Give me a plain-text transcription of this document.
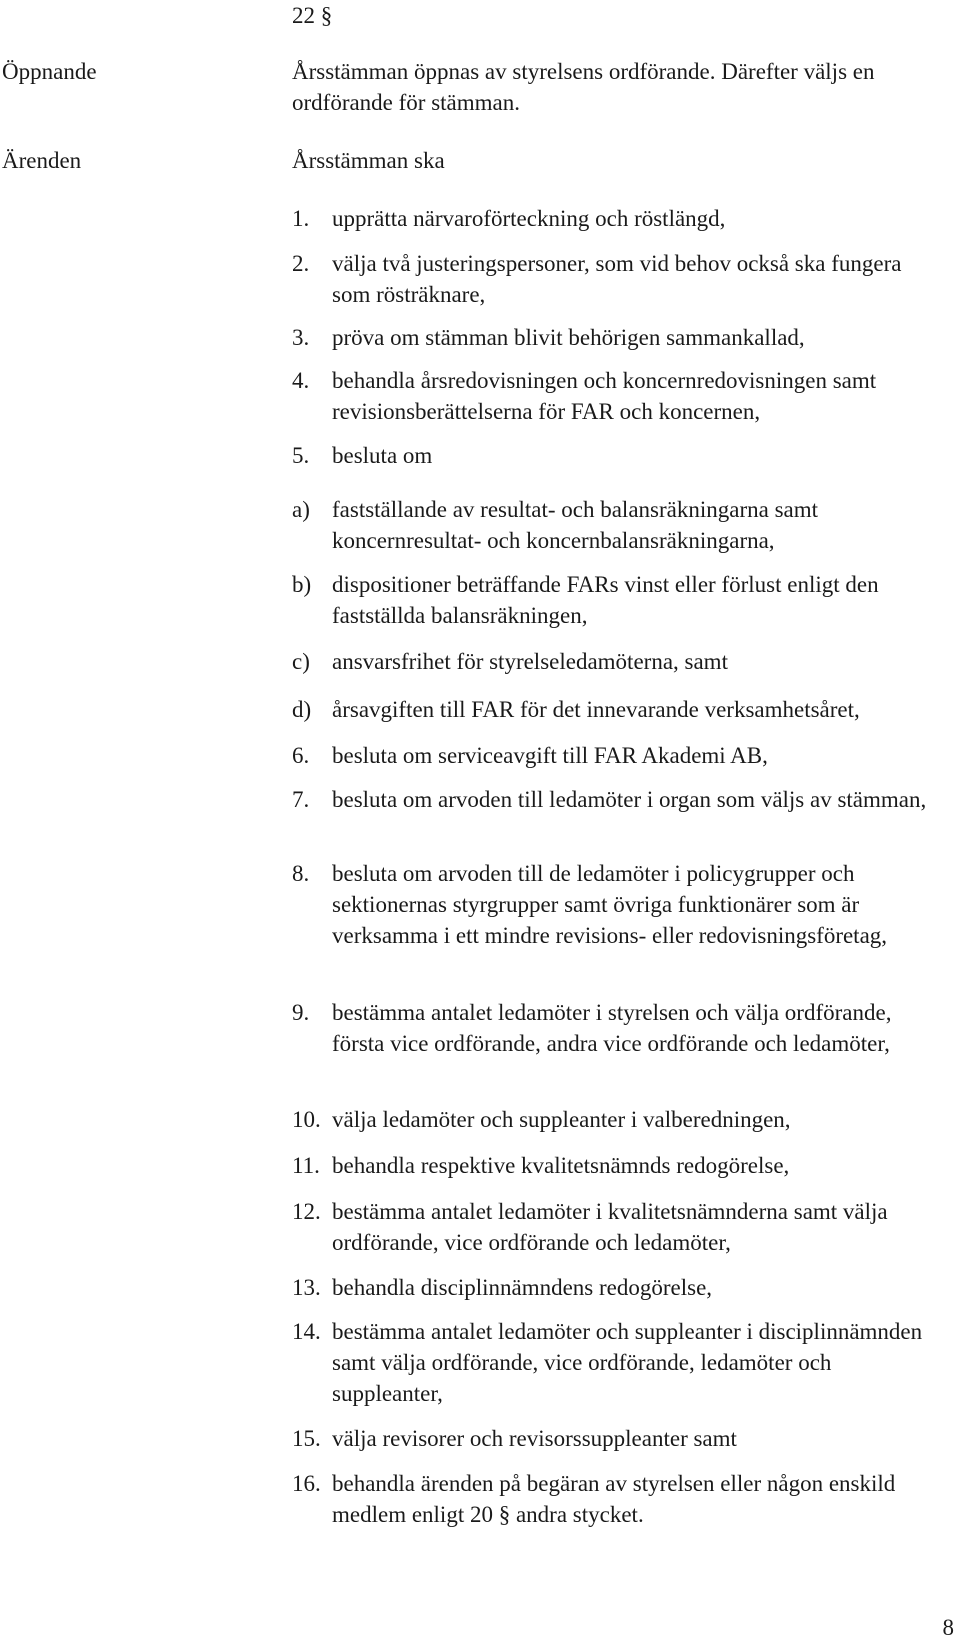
22 §
Öppnande	Årsstämman öppnas av styrelsens ordförande. Därefter väljs en ordförande för stämman.
Ärenden	Årsstämman ska
1. upprätta närvaroförteckning och röstlängd,
2. välja två justeringspersoner, som vid behov också ska fungera som rösträknare,
3. pröva om stämman blivit behörigen sammankallad,
4. behandla årsredovisningen och koncernredovisningen samt revisionsberättelserna för FAR och koncernen,
5. besluta om
a) fastställande av resultat- och balansräkningarna samt koncernresultat- och koncernbalansräkningarna,
b) dispositioner beträffande FARs vinst eller förlust enligt den fastställda balansräkningen,
c) ansvarsfrihet för styrelseledamöterna, samt
d) årsavgiften till FAR för det innevarande verksamhetsåret,
6. besluta om serviceavgift till FAR Akademi AB,
7. besluta om arvoden till ledamöter i organ som väljs av stämman,
8. besluta om arvoden till de ledamöter i policygrupper och sektionernas styrgrupper samt övriga funktionärer som är verksamma i ett mindre revisions- eller redovisningsföretag,
9. bestämma antalet ledamöter i styrelsen och välja ordförande, första vice ordförande, andra vice ordförande och ledamöter,
10. välja ledamöter och suppleanter i valberedningen,
11. behandla respektive kvalitetsnämnds redogörelse,
12. bestämma antalet ledamöter i kvalitetsnämnderna samt välja ordförande, vice ordförande och ledamöter,
13. behandla disciplinnämndens redogörelse,
14. bestämma antalet ledamöter och suppleanter i disciplinnämnden samt välja ordförande, vice ordförande, ledamöter och suppleanter,
15. välja revisorer och revisorssuppleanter samt
16. behandla ärenden på begäran av styrelsen eller någon enskild medlem enligt 20 § andra stycket.
8
